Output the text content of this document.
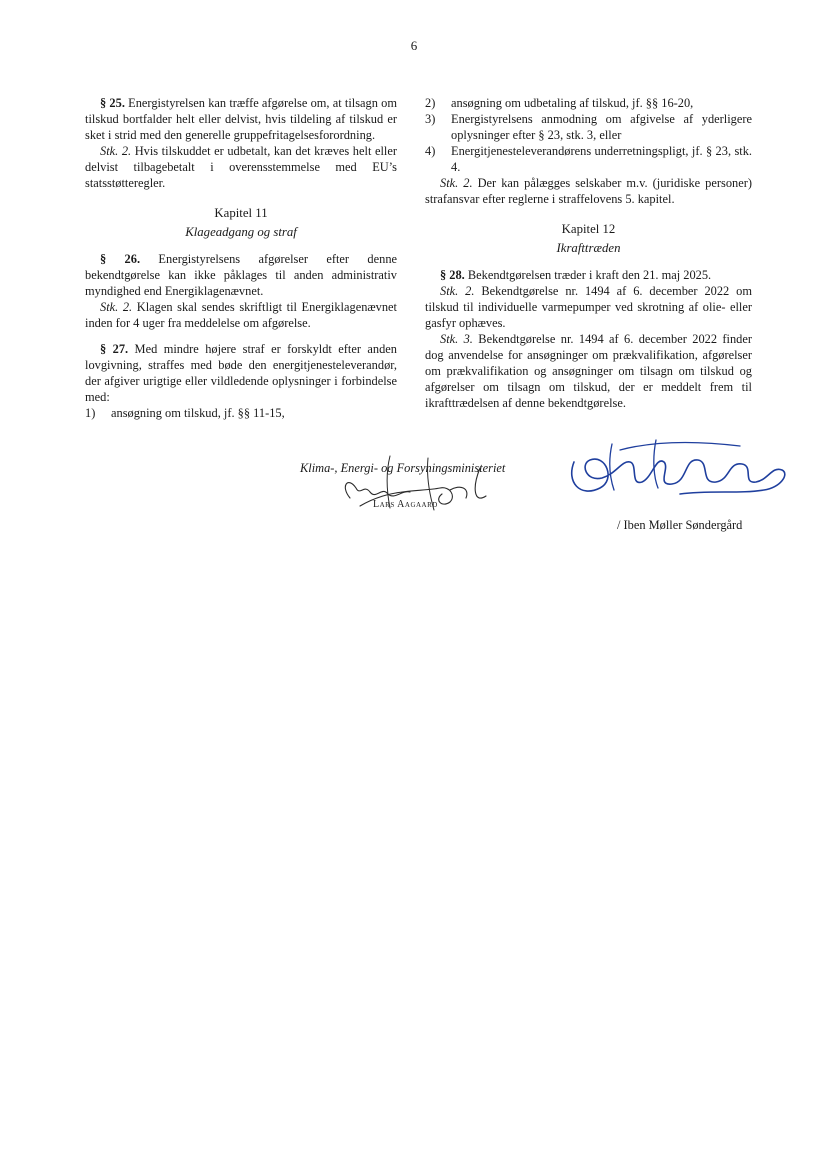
6

§ 25. Energistyrelsen kan træffe afgørelse om, at tilsagn om tilskud bortfalder helt eller delvist, hvis tildeling af tilskud er sket i strid med den generelle gruppefritagelsesforordning.

Stk. 2. Hvis tilskuddet er udbetalt, kan det kræves helt eller delvist tilbagebetalt i overensstemmelse med EU’s statsstøtteregler.

Kapitel 11

Klageadgang og straf

§ 26. Energistyrelsens afgørelser efter denne bekendtgørelse kan ikke påklages til anden administrativ myndighed end Energiklagenævnet.

Stk. 2. Klagen skal sendes skriftligt til Energiklagenævnet inden for 4 uger fra meddelelse om afgørelse.

§ 27. Med mindre højere straf er forskyldt efter anden lovgivning, straffes med bøde den energitjenesteleverandør, der afgiver urigtige eller vildledende oplysninger i forbindelse med:

1)	ansøgning om tilskud, jf. §§ 11-15,
2)	ansøgning om udbetaling af tilskud, jf. §§ 16-20,
3)	Energistyrelsens anmodning om afgivelse af yderligere oplysninger efter § 23, stk. 3, eller
4)	Energitjenesteleverandørens underretningspligt, jf. § 23, stk. 4.

Stk. 2. Der kan pålægges selskaber m.v. (juridiske personer) strafansvar efter reglerne i straffelovens 5. kapitel.

Kapitel 12

Ikrafttræden

§ 28. Bekendtgørelsen træder i kraft den 21. maj 2025.

Stk. 2. Bekendtgørelse nr. 1494 af 6. december 2022 om tilskud til individuelle varmepumper ved skrotning af olie- eller gasfyr ophæves.

Stk. 3. Bekendtgørelse nr. 1494 af 6. december 2022 finder dog anvendelse for ansøgninger om prækvalifikation, afgørelser om prækvalifikation og ansøgninger om tilsagn om tilskud og afgørelser om tilsagn om tilskud, der er meddelt frem til ikrafttrædelsen af denne bekendtgørelse.

Klima-, Energi- og Forsyningsministeriet
Lars Aagaard
/ Iben Møller Søndergård
